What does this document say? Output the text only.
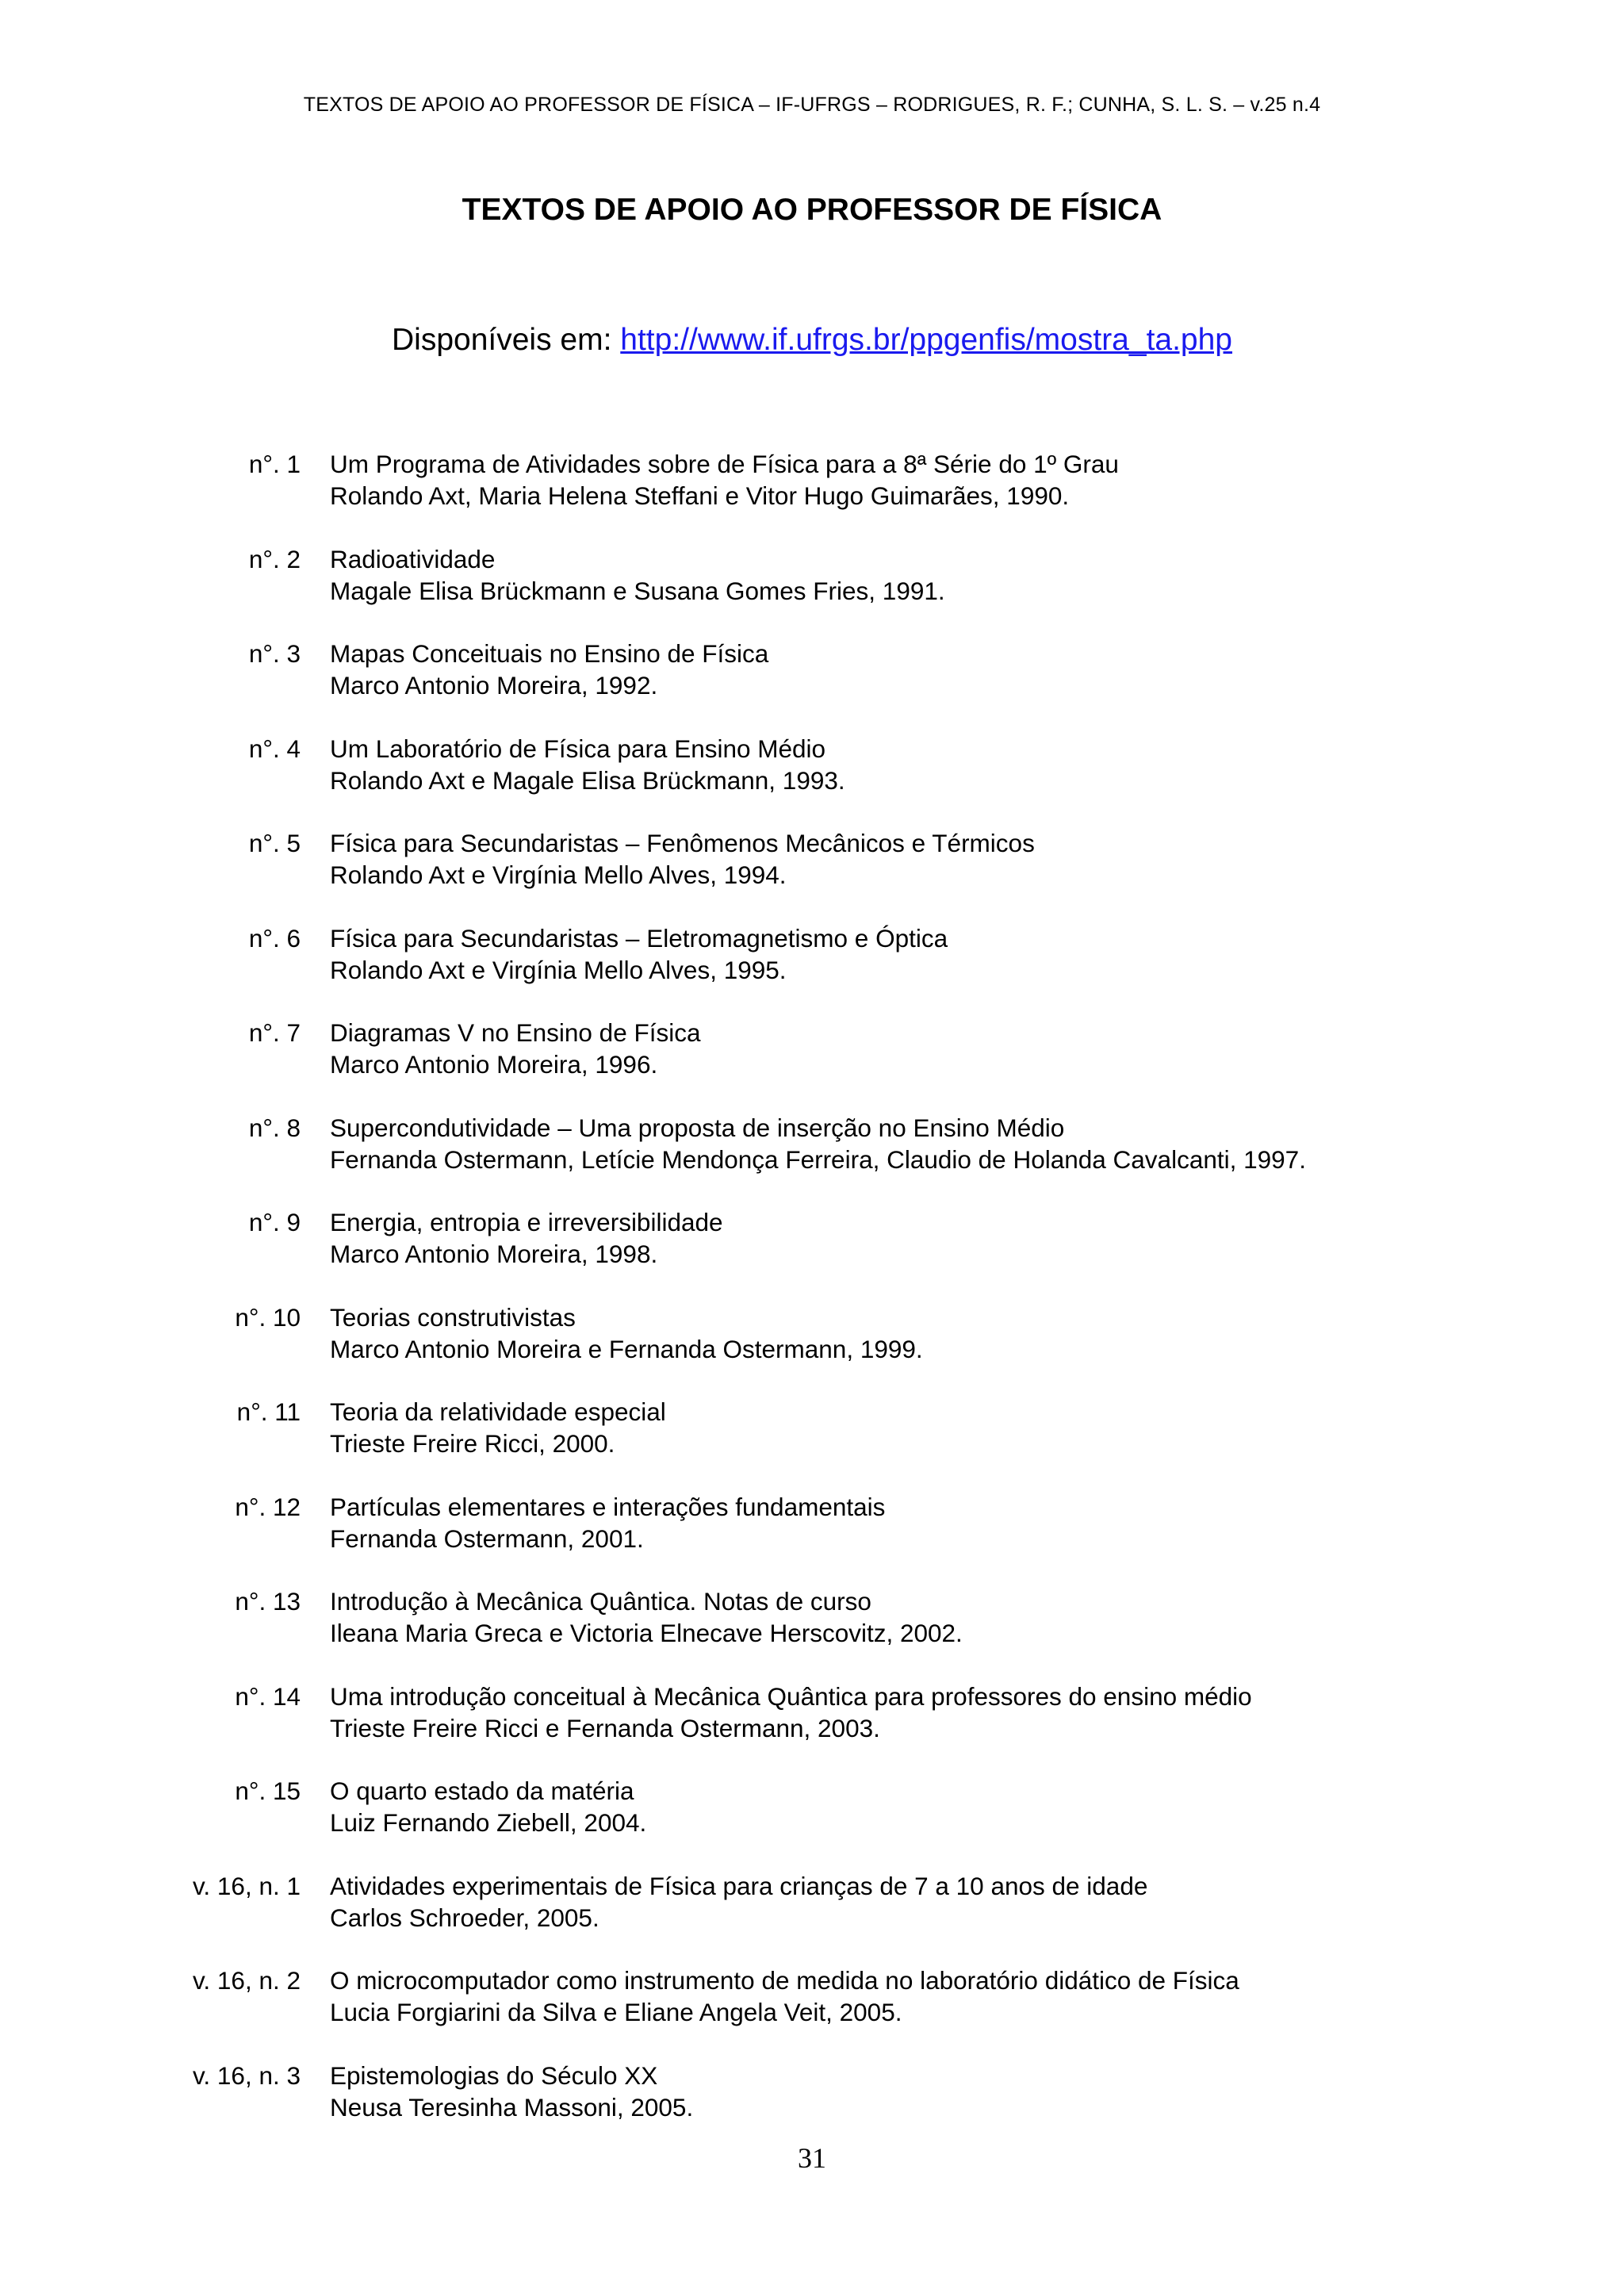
TEXTOS DE APOIO AO PROFESSOR DE FÍSICA – IF-UFRGS – RODRIGUES, R. F.; CUNHA, S. L. S. – v.25 n.4
TEXTOS DE APOIO AO PROFESSOR DE FÍSICA
Disponíveis em: http://www.if.ufrgs.br/ppgenfis/mostra_ta.php
n°. 1 Um Programa de Atividades sobre de Física para a 8ª Série do 1º Grau
Rolando Axt, Maria Helena Steffani e Vitor Hugo Guimarães, 1990.
n°. 2 Radioatividade
Magale Elisa Brückmann e Susana Gomes Fries, 1991.
n°. 3 Mapas Conceituais no Ensino de Física
Marco Antonio Moreira, 1992.
n°. 4 Um Laboratório de Física para Ensino Médio
Rolando Axt e Magale Elisa Brückmann, 1993.
n°. 5 Física para Secundaristas – Fenômenos Mecânicos e Térmicos
Rolando Axt e Virgínia Mello Alves, 1994.
n°. 6 Física para Secundaristas – Eletromagnetismo e Óptica
Rolando Axt e Virgínia Mello Alves, 1995.
n°. 7 Diagramas V no Ensino de Física
Marco Antonio Moreira, 1996.
n°. 8 Supercondutividade – Uma proposta de inserção no Ensino Médio
Fernanda Ostermann, Letície Mendonça Ferreira, Claudio de Holanda Cavalcanti, 1997.
n°. 9 Energia, entropia e irreversibilidade
Marco Antonio Moreira, 1998.
n°. 10 Teorias construtivistas
Marco Antonio Moreira e Fernanda Ostermann, 1999.
n°. 11 Teoria da relatividade especial
Trieste Freire Ricci, 2000.
n°. 12 Partículas elementares e interações fundamentais
Fernanda Ostermann, 2001.
n°. 13 Introdução à Mecânica Quântica. Notas de curso
Ileana Maria Greca e Victoria Elnecave Herscovitz, 2002.
n°. 14 Uma introdução conceitual à Mecânica Quântica para professores do ensino médio
Trieste Freire Ricci e Fernanda Ostermann, 2003.
n°. 15 O quarto estado da matéria
Luiz Fernando Ziebell, 2004.
v. 16, n. 1 Atividades experimentais de Física para crianças de 7 a 10 anos de idade
Carlos Schroeder, 2005.
v. 16, n. 2 O microcomputador como instrumento de medida no laboratório didático de Física
Lucia Forgiarini da Silva e Eliane Angela Veit, 2005.
v. 16, n. 3 Epistemologias do Século XX
Neusa Teresinha Massoni, 2005.
31
